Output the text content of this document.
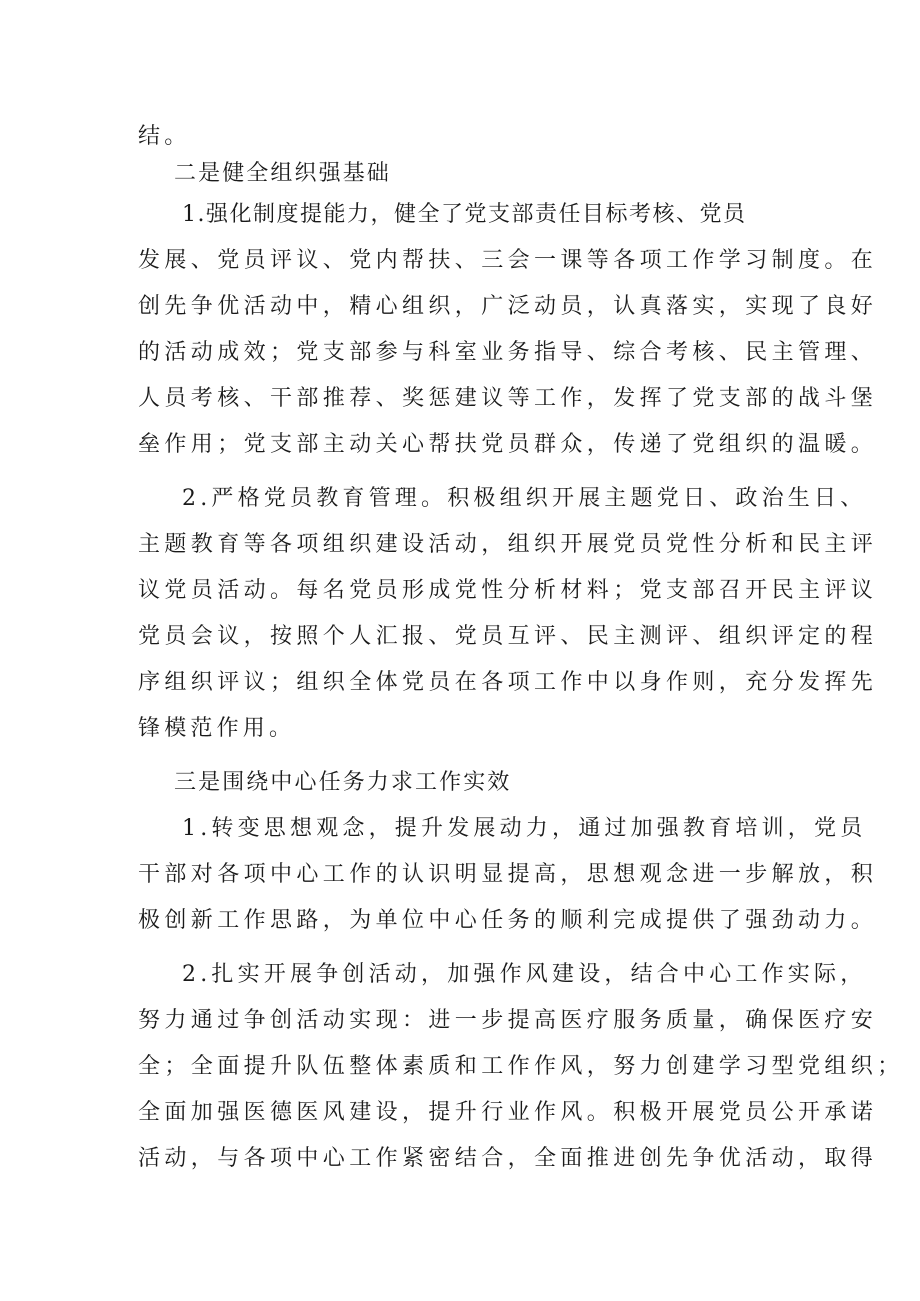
结。
二是健全组织强基础
1.强化制度提能力，健全了党支部责任目标考核、党员
发展、党员评议、党内帮扶、三会一课等各项工作学习制度。在
创先争优活动中，精心组织，广泛动员，认真落实，实现了良好
的活动成效；党支部参与科室业务指导、综合考核、民主管理、
人员考核、干部推荐、奖惩建议等工作，发挥了党支部的战斗堡
垒作用；党支部主动关心帮扶党员群众，传递了党组织的温暖。
2.严格党员教育管理。积极组织开展主题党日、政治生日、
主题教育等各项组织建设活动，组织开展党员党性分析和民主评
议党员活动。每名党员形成党性分析材料；党支部召开民主评议
党员会议，按照个人汇报、党员互评、民主测评、组织评定的程
序组织评议；组织全体党员在各项工作中以身作则，充分发挥先
锋模范作用。
三是围绕中心任务力求工作实效
1.转变思想观念，提升发展动力，通过加强教育培训，党员
干部对各项中心工作的认识明显提高，思想观念进一步解放，积
极创新工作思路，为单位中心任务的顺利完成提供了强劲动力。
2.扎实开展争创活动，加强作风建设，结合中心工作实际，
努力通过争创活动实现：进一步提高医疗服务质量，确保医疗安
全；全面提升队伍整体素质和工作作风，努力创建学习型党组织；
全面加强医德医风建设，提升行业作风。积极开展党员公开承诺
活动，与各项中心工作紧密结合，全面推进创先争优活动，取得
